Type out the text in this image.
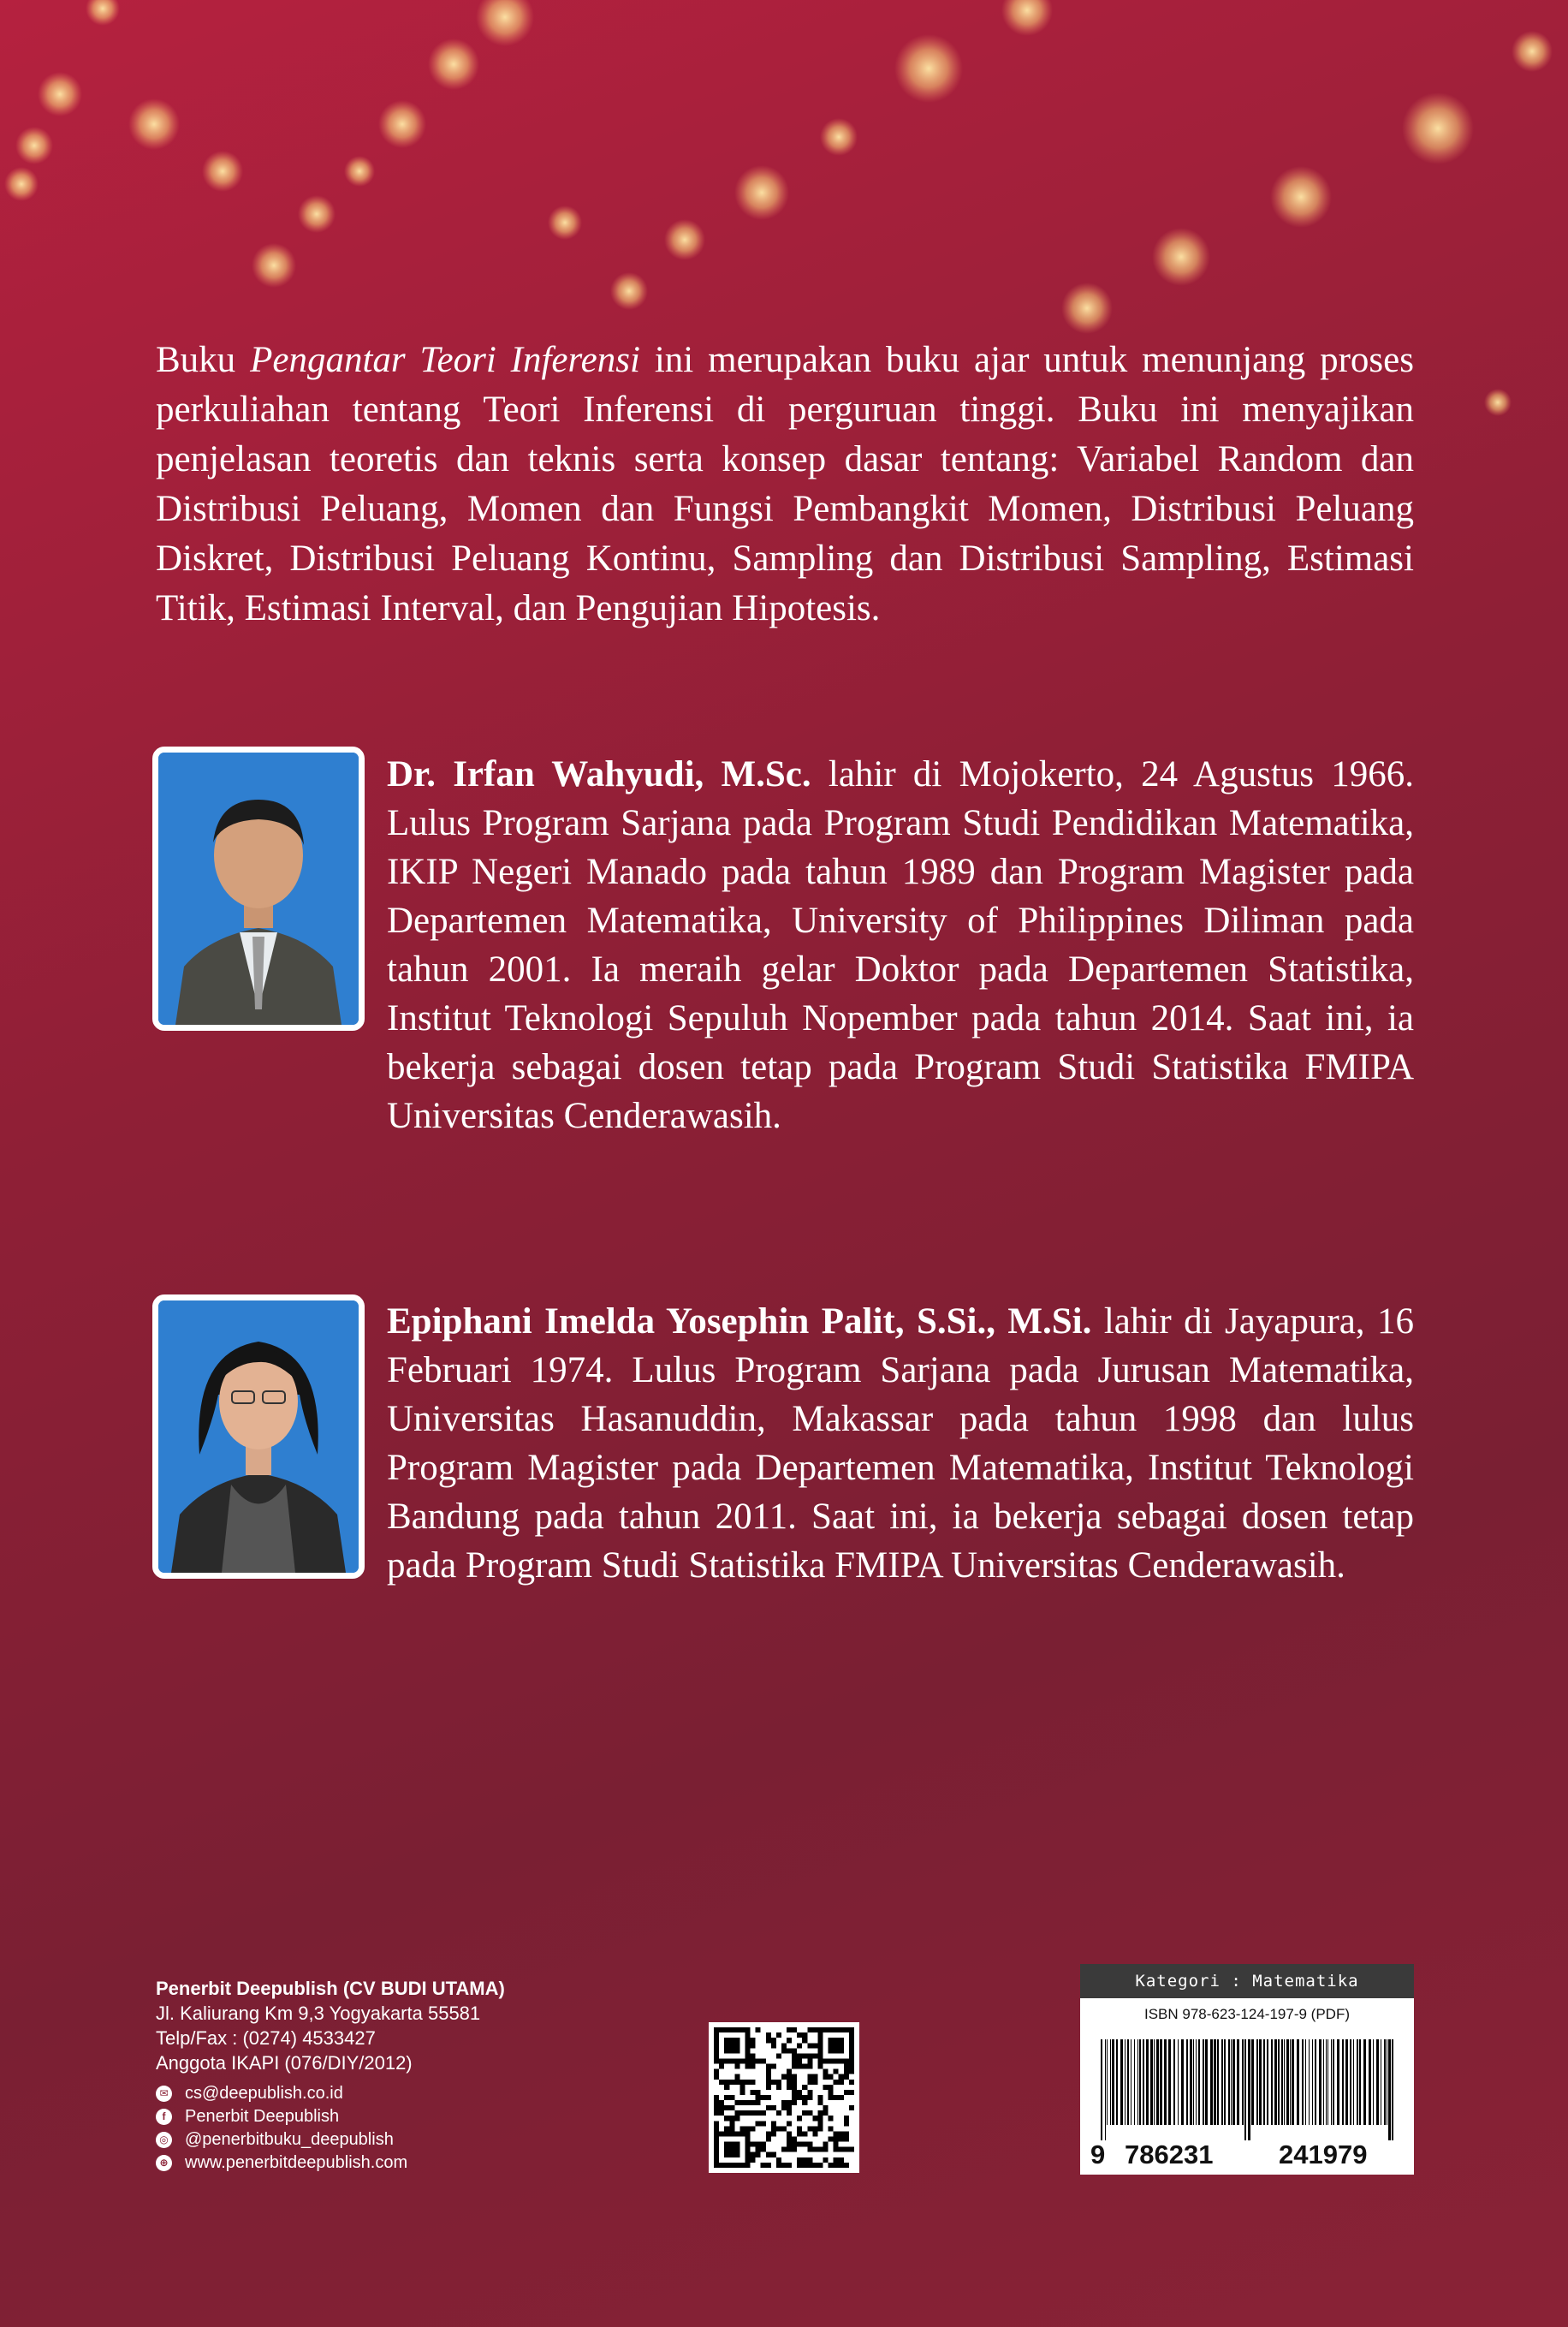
Buku Pengantar Teori Inferensi ini merupakan buku ajar untuk menunjang proses perkuliahan tentang Teori Inferensi di perguruan tinggi. Buku ini menyajikan penjelasan teoretis dan teknis serta konsep dasar tentang: Variabel Random dan Distribusi Peluang, Momen dan Fungsi Pembangkit Momen, Distribusi Peluang Diskret, Distribusi Peluang Kontinu, Sampling dan Distribusi Sampling, Estimasi Titik, Estimasi Interval, dan Pengujian Hipotesis.

Dr. Irfan Wahyudi, M.Sc. lahir di Mojokerto, 24 Agustus 1966. Lulus Program Sarjana pada Program Studi Pendidikan Matematika, IKIP Negeri Manado pada tahun 1989 dan Program Magister pada Departemen Matematika, University of Philippines Diliman pada tahun 2001. Ia meraih gelar Doktor pada Departemen Statistika, Institut Teknologi Sepuluh Nopember pada tahun 2014. Saat ini, ia bekerja sebagai dosen tetap pada Program Studi Statistika FMIPA Universitas Cenderawasih.

Epiphani Imelda Yosephin Palit, S.Si., M.Si. lahir di Jayapura, 16 Februari 1974. Lulus Program Sarjana pada Jurusan Matematika, Universitas Hasanuddin, Makassar pada tahun 1998 dan lulus Program Magister pada Departemen Matematika, Institut Teknologi Bandung pada tahun 2011. Saat ini, ia bekerja sebagai dosen tetap pada Program Studi Statistika FMIPA Universitas Cenderawasih.

Penerbit Deepublish (CV BUDI UTAMA)
Jl. Kaliurang Km 9,3 Yogyakarta 55581
Telp/Fax : (0274) 4533427
Anggota IKAPI (076/DIY/2012)
✉ cs@deepublish.co.id
f	Penerbit Deepublish
◎ @penerbitbuku_deepublish
⊕ www.penerbitdeepublish.com
Kategori : Matematika
ISBN 978-623-124-197-9 (PDF)
9 786231 241979
